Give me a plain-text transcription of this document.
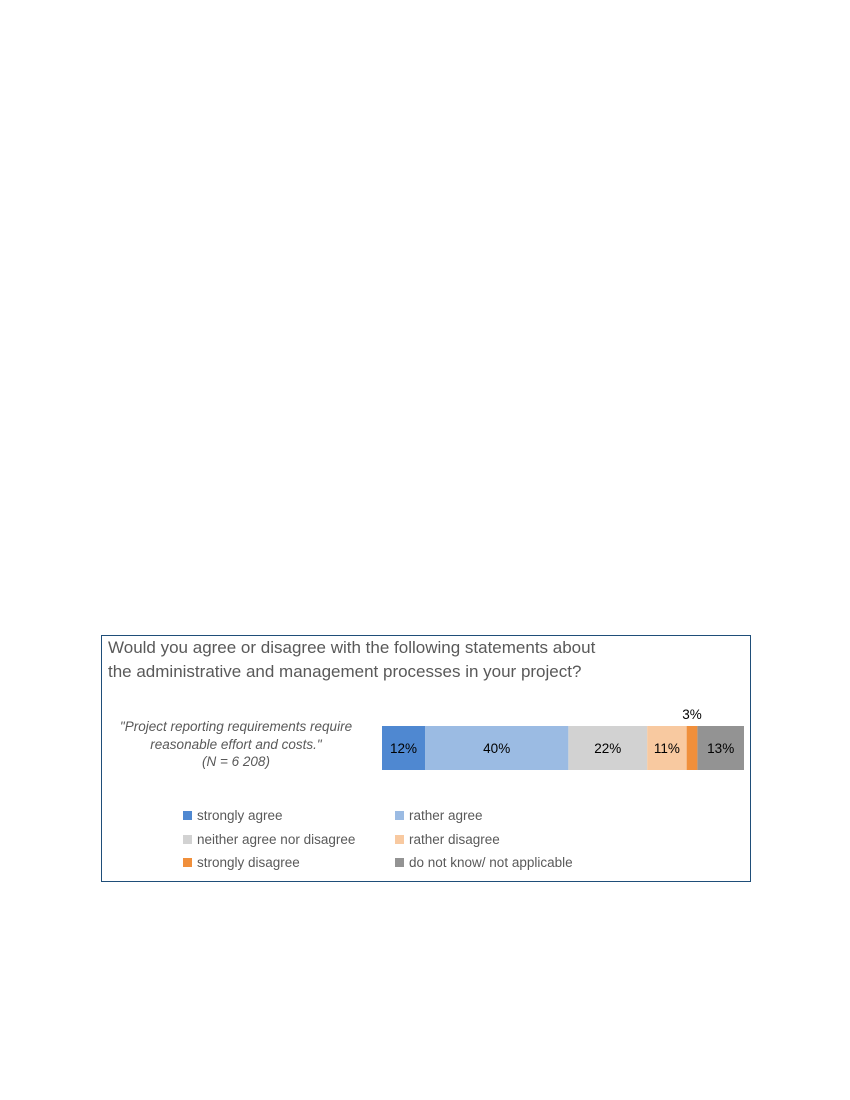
Would you agree or disagree with the following statements about
the administrative and management processes in your project?
"Project reporting requirements require
reasonable effort and costs."
(N = 6 208)
12%	40%	22% 11%
3%
13%
strongly agree	rather agree
neither agree nor disagree	rather disagree
strongly disagree	do not know/ not applicable
